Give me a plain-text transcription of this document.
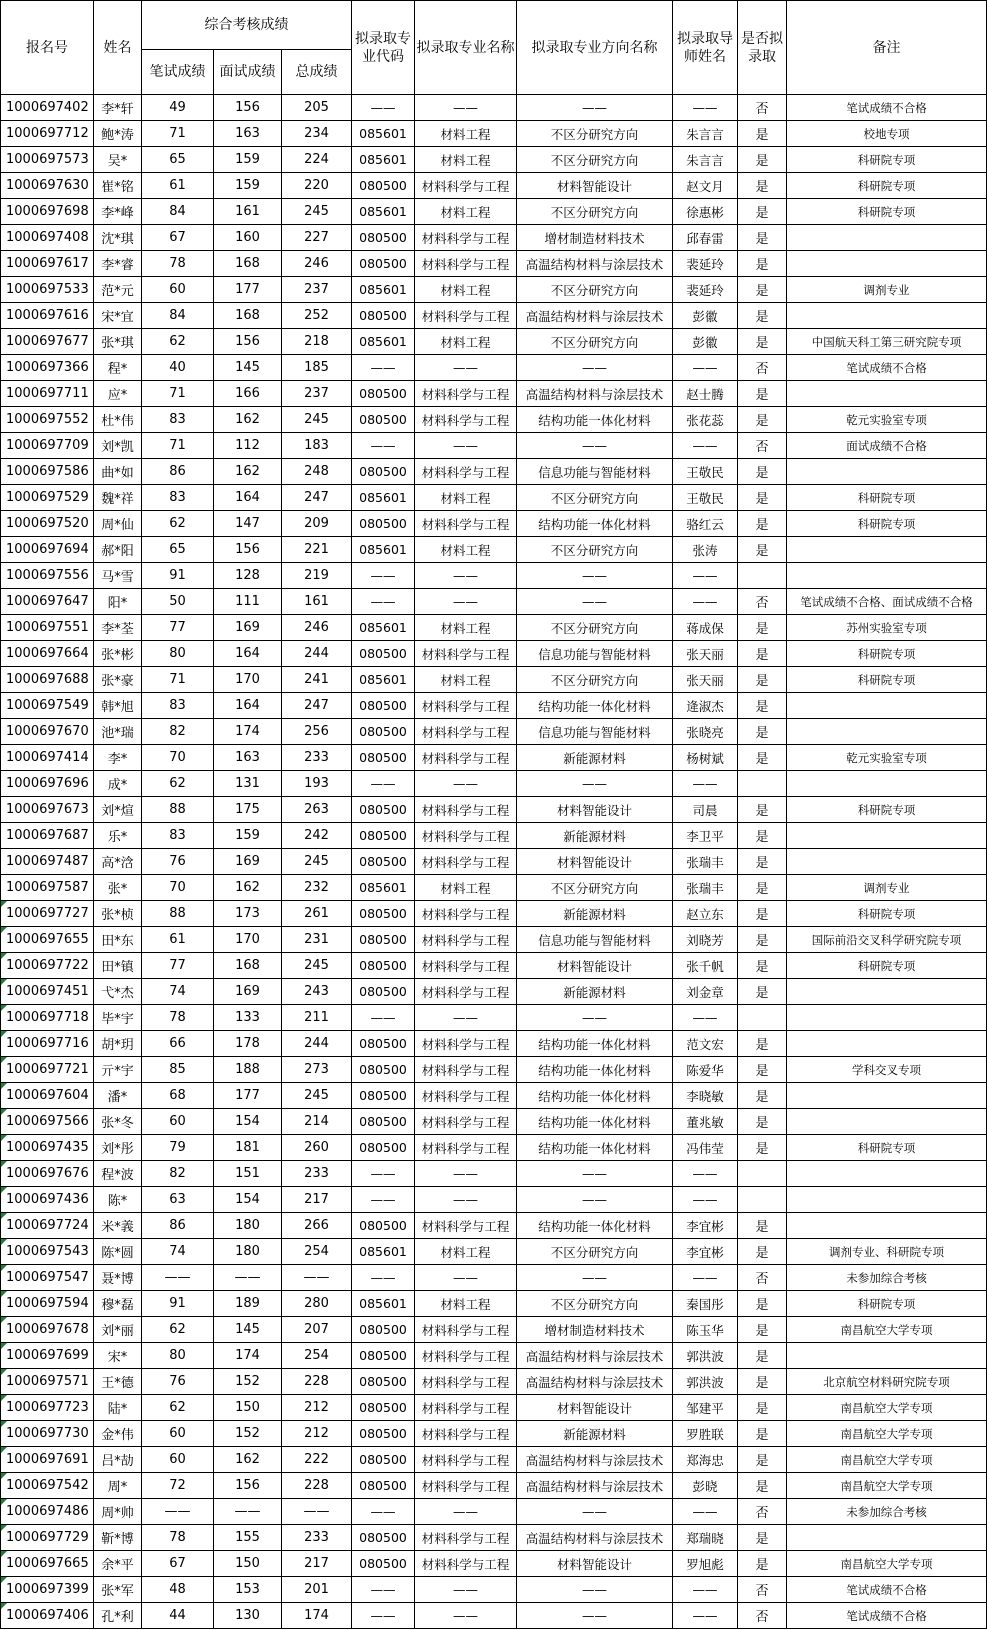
报名号	姓名	综合考核成绩			拟录取专业代码	拟录取专业名称	拟录取专业方向名称	拟录取导师姓名	是否拟录取	备注
		笔试成绩	面试成绩	总成绩						
1000697402	李*轩	49	156	205	——	——	——	——	否	笔试成绩不合格
1000697712	鲍*涛	71	163	234	085601	材料工程	不区分研究方向	朱言言	是	校地专项
1000697573	吴*	65	159	224	085601	材料工程	不区分研究方向	朱言言	是	科研院专项
1000697630	崔*铭	61	159	220	080500	材料科学与工程	材料智能设计	赵文月	是	科研院专项
1000697698	李*峰	84	161	245	085601	材料工程	不区分研究方向	徐惠彬	是	科研院专项
1000697408	沈*琪	67	160	227	080500	材料科学与工程	增材制造材料技术	邱春雷	是	
1000697617	李*睿	78	168	246	080500	材料科学与工程	高温结构材料与涂层技术	裴延玲	是	
1000697533	范*元	60	177	237	085601	材料工程	不区分研究方向	裴延玲	是	调剂专业
1000697616	宋*宜	84	168	252	080500	材料科学与工程	高温结构材料与涂层技术	彭徽	是	
1000697677	张*琪	62	156	218	085601	材料工程	不区分研究方向	彭徽	是	中国航天科工第三研究院专项
1000697366	程*	40	145	185	——	——	——	——	否	笔试成绩不合格
1000697711	应*	71	166	237	080500	材料科学与工程	高温结构材料与涂层技术	赵士腾	是	
1000697552	杜*伟	83	162	245	080500	材料科学与工程	结构功能一体化材料	张花蕊	是	乾元实验室专项
1000697709	刘*凯	71	112	183	——	——	——	——	否	面试成绩不合格
1000697586	曲*如	86	162	248	080500	材料科学与工程	信息功能与智能材料	王敬民	是	
1000697529	魏*祥	83	164	247	085601	材料工程	不区分研究方向	王敬民	是	科研院专项
1000697520	周*仙	62	147	209	080500	材料科学与工程	结构功能一体化材料	骆红云	是	科研院专项
1000697694	郝*阳	65	156	221	085601	材料工程	不区分研究方向	张涛	是	
1000697556	马*雪	91	128	219	——	——	——	——		
1000697647	阳*	50	111	161	——	——	——	——	否	笔试成绩不合格、面试成绩不合格
1000697551	李*荃	77	169	246	085601	材料工程	不区分研究方向	蒋成保	是	苏州实验室专项
1000697664	张*彬	80	164	244	080500	材料科学与工程	信息功能与智能材料	张天丽	是	科研院专项
1000697688	张*豪	71	170	241	085601	材料工程	不区分研究方向	张天丽	是	科研院专项
1000697549	韩*旭	83	164	247	080500	材料科学与工程	结构功能一体化材料	逄淑杰	是	
1000697670	池*瑞	82	174	256	080500	材料科学与工程	信息功能与智能材料	张晓亮	是	
1000697414	李*	70	163	233	080500	材料科学与工程	新能源材料	杨树斌	是	乾元实验室专项
1000697696	成*	62	131	193	——	——	——	——		
1000697673	刘*煊	88	175	263	080500	材料科学与工程	材料智能设计	司晨	是	科研院专项
1000697687	乐*	83	159	242	080500	材料科学与工程	新能源材料	李卫平	是	
1000697487	高*浛	76	169	245	080500	材料科学与工程	材料智能设计	张瑞丰	是	
1000697587	张*	70	162	232	085601	材料工程	不区分研究方向	张瑞丰	是	调剂专业
1000697727	张*桢	88	173	261	080500	材料科学与工程	新能源材料	赵立东	是	科研院专项
1000697655	田*东	61	170	231	080500	材料科学与工程	信息功能与智能材料	刘晓芳	是	国际前沿交叉科学研究院专项
1000697722	田*镇	77	168	245	080500	材料科学与工程	材料智能设计	张千帆	是	科研院专项
1000697451	弋*杰	74	169	243	080500	材料科学与工程	新能源材料	刘金章	是	
1000697718	毕*宇	78	133	211	——	——	——	——		
1000697716	胡*玥	66	178	244	080500	材料科学与工程	结构功能一体化材料	范文宏	是	
1000697721	亓*宇	85	188	273	080500	材料科学与工程	结构功能一体化材料	陈爱华	是	学科交叉专项
1000697604	潘*	68	177	245	080500	材料科学与工程	结构功能一体化材料	李晓敏	是	
1000697566	张*冬	60	154	214	080500	材料科学与工程	结构功能一体化材料	董兆敏	是	
1000697435	刘*彤	79	181	260	080500	材料科学与工程	结构功能一体化材料	冯伟莹	是	科研院专项
1000697676	程*波	82	151	233	——	——	——	——		
1000697436	陈*	63	154	217	——	——	——	——		
1000697724	米*義	86	180	266	080500	材料科学与工程	结构功能一体化材料	李宜彬	是	
1000697543	陈*圆	74	180	254	085601	材料工程	不区分研究方向	李宜彬	是	调剂专业、科研院专项
1000697547	聂*博	——	——	——	——	——	——	——	否	未参加综合考核
1000697594	穆*磊	91	189	280	085601	材料工程	不区分研究方向	秦国彤	是	科研院专项
1000697678	刘*丽	62	145	207	080500	材料科学与工程	增材制造材料技术	陈玉华	是	南昌航空大学专项
1000697699	宋*	80	174	254	080500	材料科学与工程	高温结构材料与涂层技术	郭洪波	是	
1000697571	王*德	76	152	228	080500	材料科学与工程	高温结构材料与涂层技术	郭洪波	是	北京航空材料研究院专项
1000697723	陆*	62	150	212	080500	材料科学与工程	材料智能设计	邹建平	是	南昌航空大学专项
1000697730	金*伟	60	152	212	080500	材料科学与工程	新能源材料	罗胜联	是	南昌航空大学专项
1000697691	吕*劼	60	162	222	080500	材料科学与工程	高温结构材料与涂层技术	郑海忠	是	南昌航空大学专项
1000697542	周*	72	156	228	080500	材料科学与工程	高温结构材料与涂层技术	彭晓	是	南昌航空大学专项
1000697486	周*帅	——	——	——	——	——	——	——	否	未参加综合考核
1000697729	靳*博	78	155	233	080500	材料科学与工程	高温结构材料与涂层技术	郑瑞晓	是	
1000697665	余*平	67	150	217	080500	材料科学与工程	材料智能设计	罗旭彪	是	南昌航空大学专项
1000697399	张*军	48	153	201	——	——	——	——	否	笔试成绩不合格
1000697406	孔*利	44	130	174	——	——	——	——	否	笔试成绩不合格
